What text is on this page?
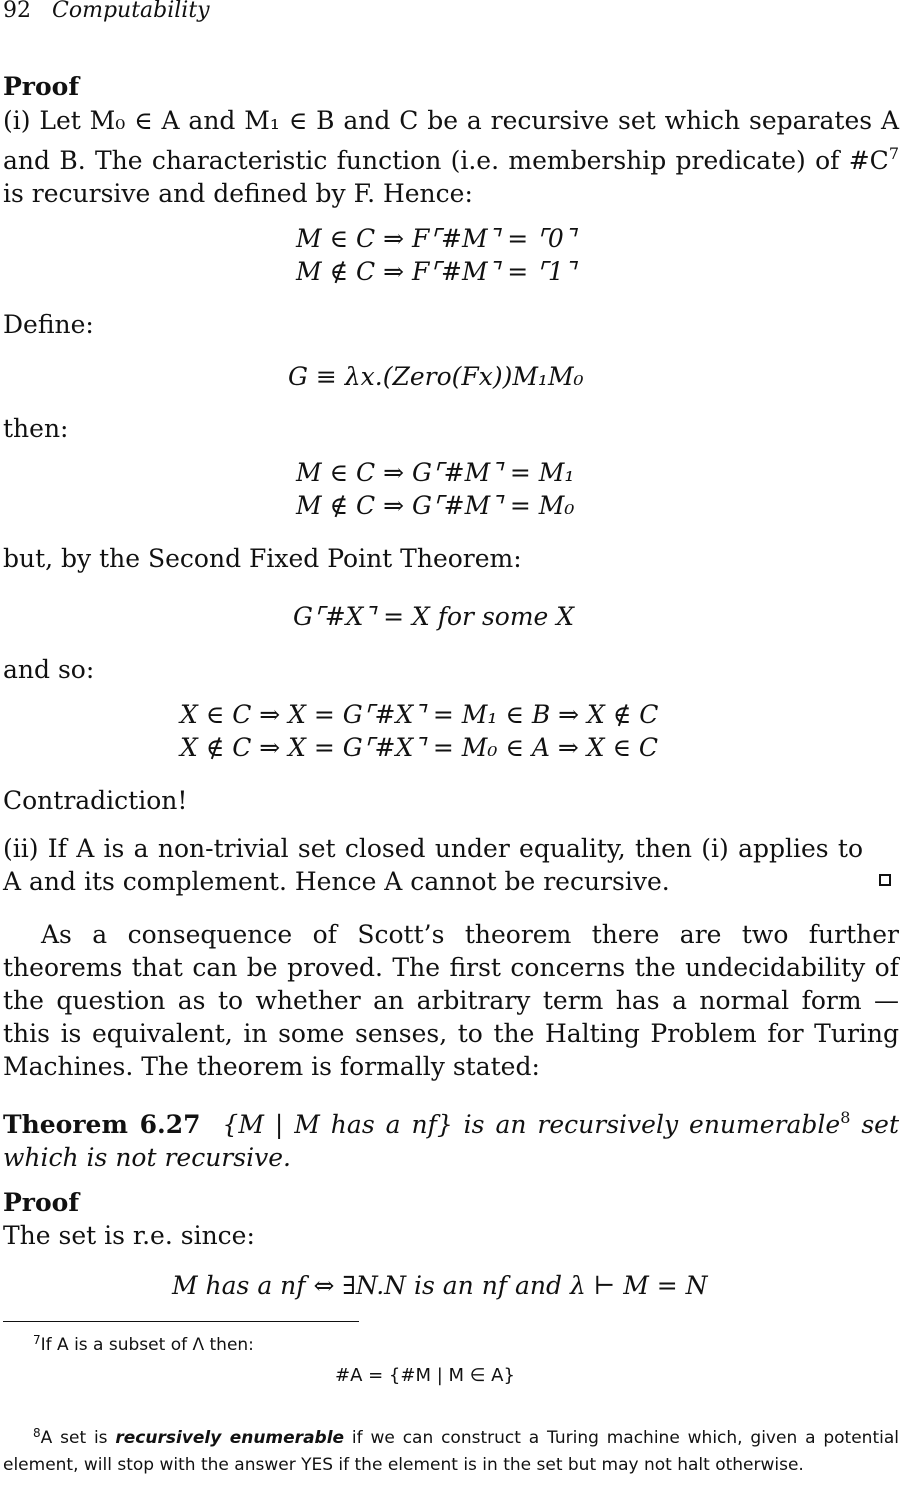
92 Computability
Proof
(i) Let M₀ ∈ A and M₁ ∈ B and C be a recursive set which separates A and B. The characteristic function (i.e. membership predicate) of $\#C^7$ is recursive and defined by F. Hence:
M ∈ C ⇒ F⌜#M⌝ = ⌜0⌝
M ∉ C ⇒ F⌜#M⌝ = ⌜1⌝
Define:
G ≡ λx.(Zero(Fx))M₁M₀
then:
M ∈ C ⇒ G⌜#M⌝ = M₁
M ∉ C ⇒ G⌜#M⌝ = M₀
but, by the Second Fixed Point Theorem:
G⌜#X⌝ = X for some X
and so:
X ∈ C ⇒ X = G⌜#X⌝ = M₁ ∈ B ⇒ X ∉ C
X ∉ C ⇒ X = G⌜#X⌝ = M₀ ∈ A ⇒ X ∈ C
Contradiction!
(ii) If A is a non-trivial set closed under equality, then (i) applies to A and its complement. Hence A cannot be recursive.
As a consequence of Scott’s theorem there are two further theorems that can be proved. The first concerns the undecidability of the question as to whether an arbitrary term has a normal form — this is equivalent, in some senses, to the Halting Problem for Turing Machines. The theorem is formally stated:
Theorem 6.27 {M | M has a nf} is an recursively enumerable$^8$ set which is not recursive.
Proof
The set is r.e. since:
M has a nf ⇔ ∃N.N is an nf and λ ⊢ M = N
$^7$If A is a subset of Λ then:
#A = {#M | M ∈ A}
$^8$A set is recursively enumerable if we can construct a Turing machine which, given a potential element, will stop with the answer YES if the element is in the set but may not halt otherwise.
